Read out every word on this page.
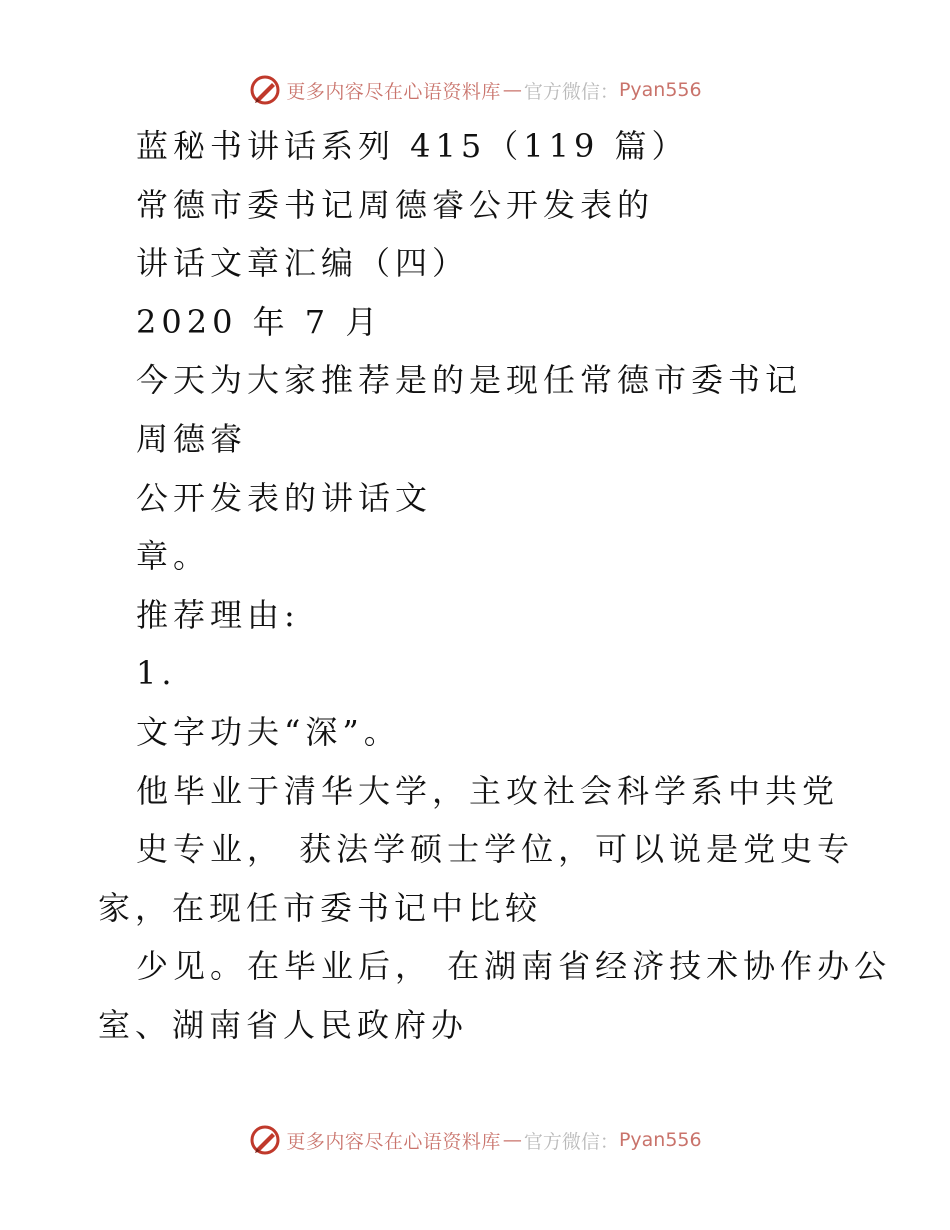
更多内容尽在心语资料库 — 官方微信： Pyan556

蓝秘书讲话系列 415（119 篇）

常德市委书记周德睿公开发表的

讲话文章汇编（四）

2020 年 7 月

今天为大家推荐是的是现任常德市委书记

周德睿

公开发表的讲话文

章。

推荐理由:

1.

文字功夫“深”。

他毕业于清华大学，主攻社会科学系中共党

史专业， 获法学硕士学位，可以说是党史专

家，在现任市委书记中比较

少见。在毕业后， 在湖南省经济技术协作办公

室、湖南省人民政府办

更多内容尽在心语资料库 — 官方微信： Pyan556
